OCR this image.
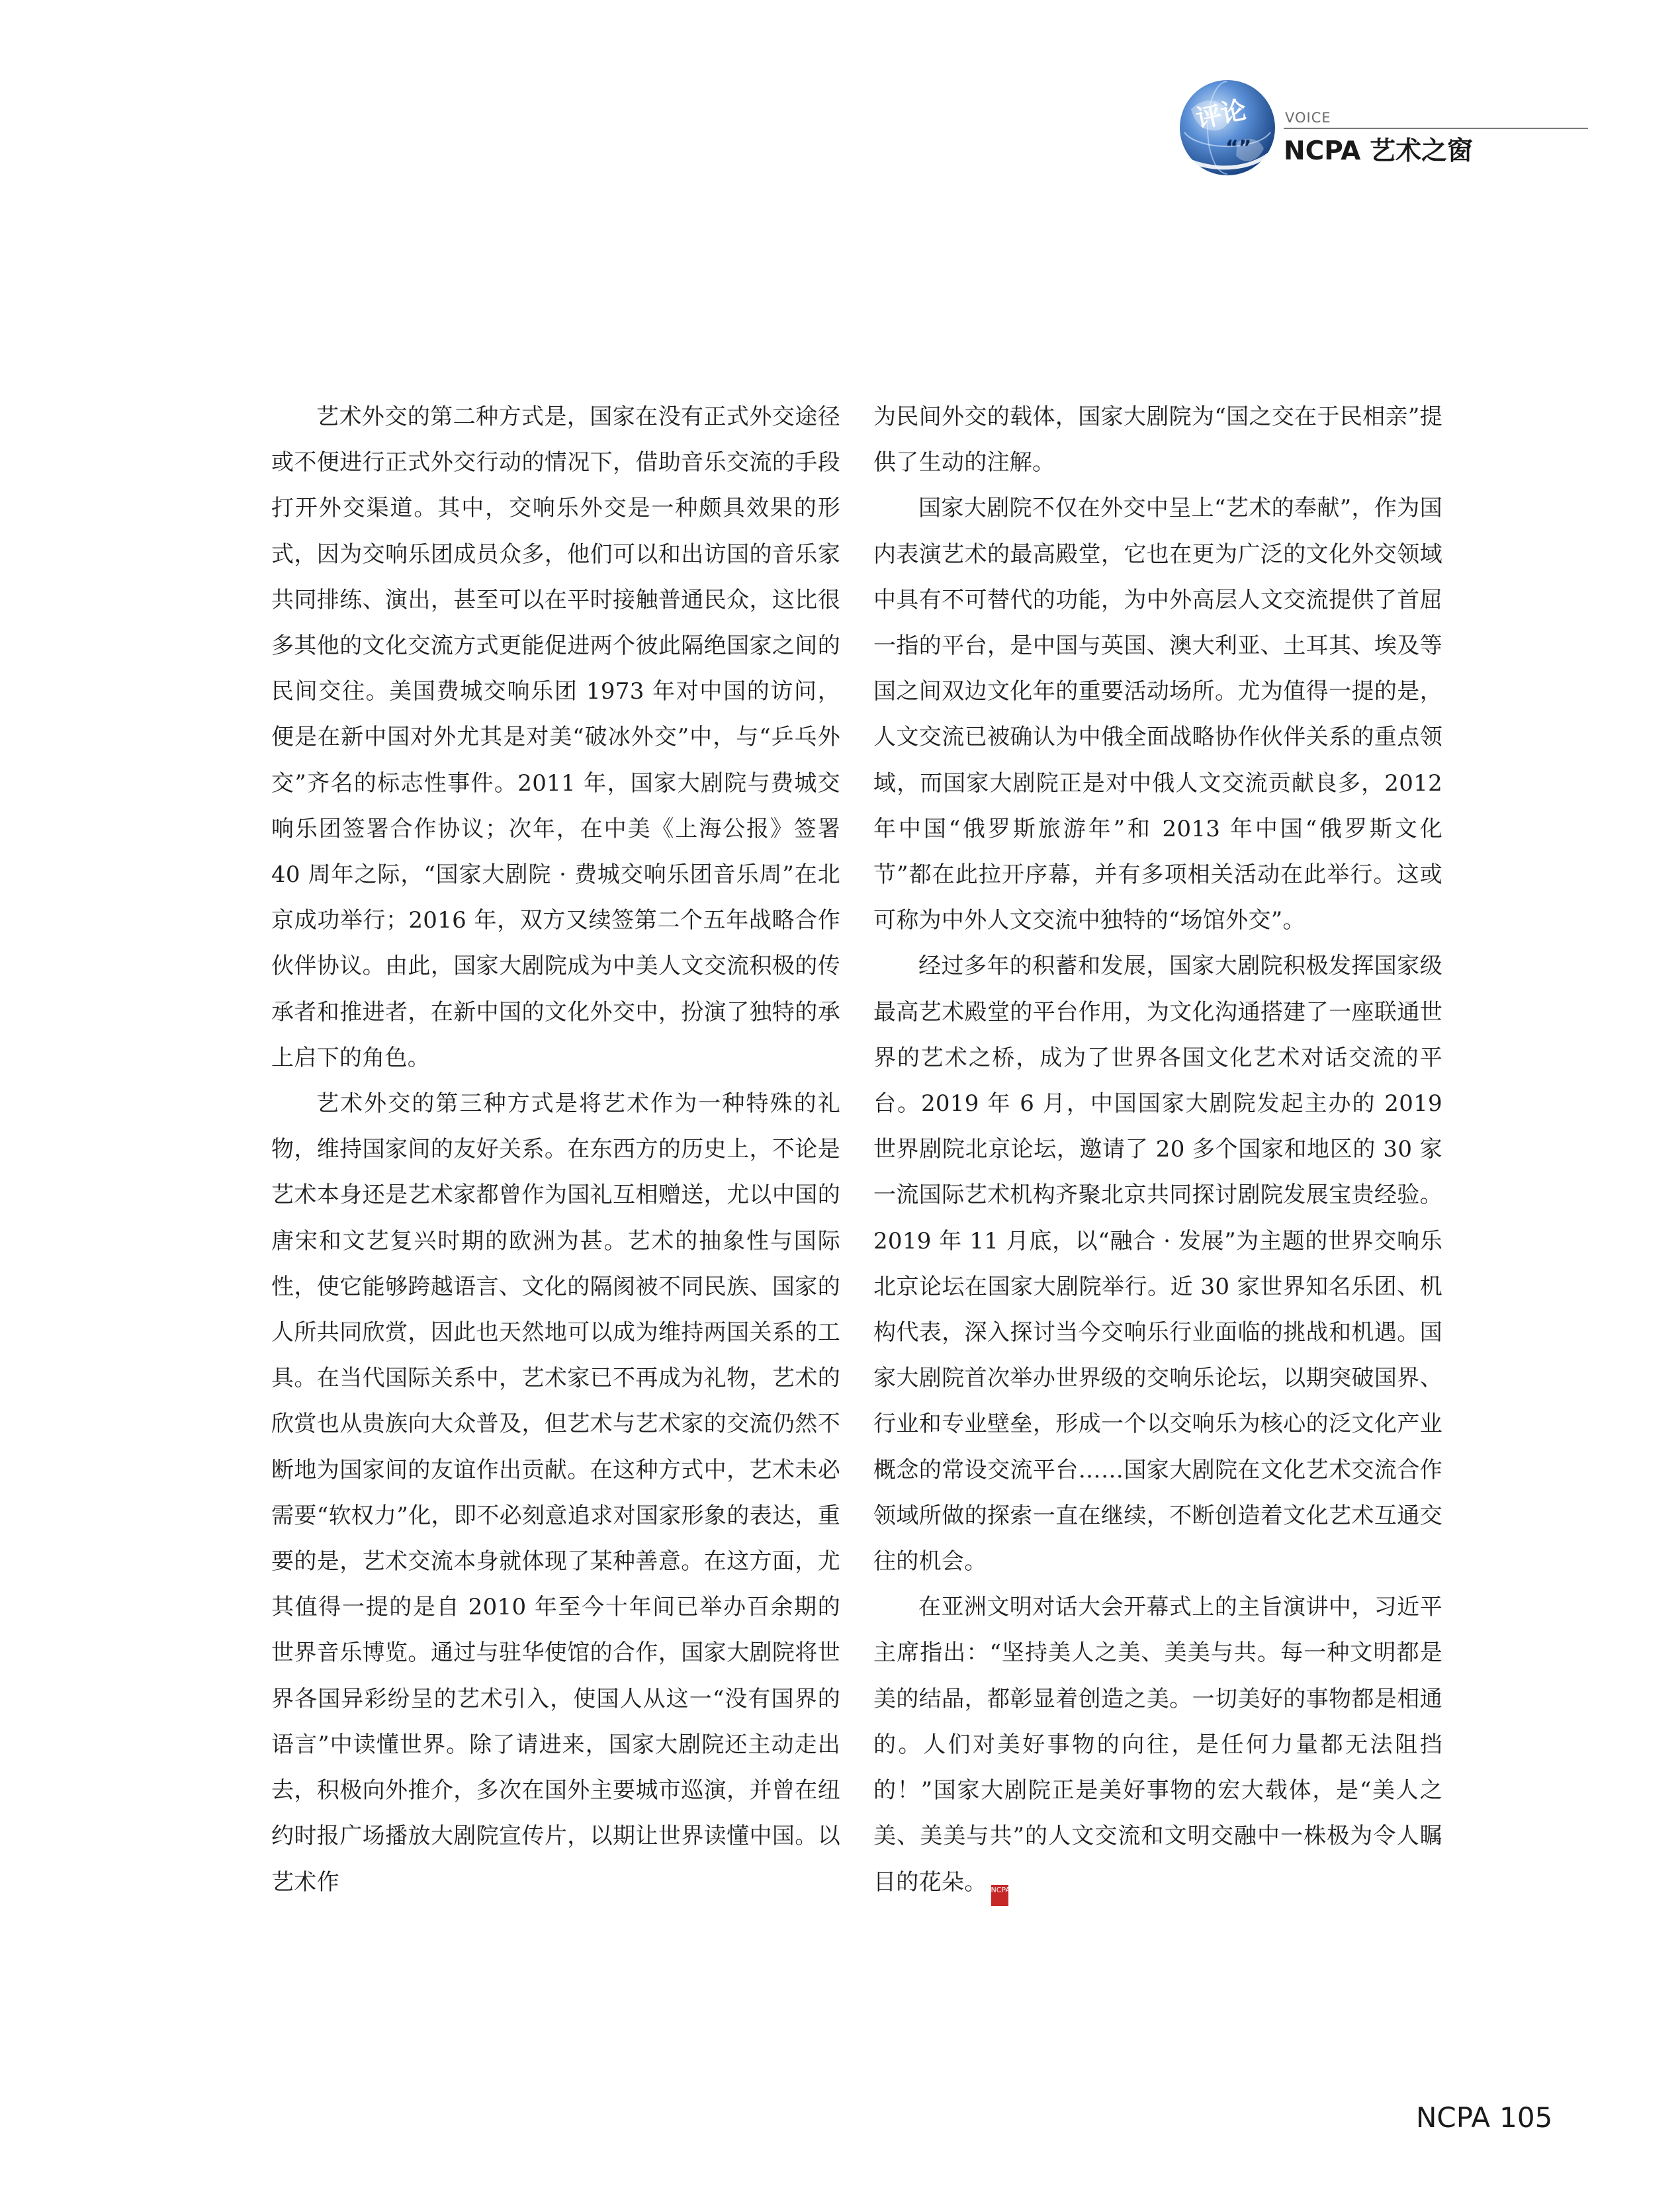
评论
“”
VOICE
NCPA 艺术之窗

艺术外交的第二种方式是，国家在没有正式外交途径或不便进行正式外交行动的情况下，借助音乐交流的手段打开外交渠道。其中，交响乐外交是一种颇具效果的形式，因为交响乐团成员众多，他们可以和出访国的音乐家共同排练、演出，甚至可以在平时接触普通民众，这比很多其他的文化交流方式更能促进两个彼此隔绝国家之间的民间交往。美国费城交响乐团 1973 年对中国的访问，便是在新中国对外尤其是对美“破冰外交”中，与“乒乓外交”齐名的标志性事件。2011 年，国家大剧院与费城交响乐团签署合作协议；次年，在中美《上海公报》签署 40 周年之际，“国家大剧院 · 费城交响乐团音乐周”在北京成功举行；2016 年，双方又续签第二个五年战略合作伙伴协议。由此，国家大剧院成为中美人文交流积极的传承者和推进者，在新中国的文化外交中，扮演了独特的承上启下的角色。

艺术外交的第三种方式是将艺术作为一种特殊的礼物，维持国家间的友好关系。在东西方的历史上，不论是艺术本身还是艺术家都曾作为国礼互相赠送，尤以中国的唐宋和文艺复兴时期的欧洲为甚。艺术的抽象性与国际性，使它能够跨越语言、文化的隔阂被不同民族、国家的人所共同欣赏，因此也天然地可以成为维持两国关系的工具。在当代国际关系中，艺术家已不再成为礼物，艺术的欣赏也从贵族向大众普及，但艺术与艺术家的交流仍然不断地为国家间的友谊作出贡献。在这种方式中，艺术未必需要“软权力”化，即不必刻意追求对国家形象的表达，重要的是，艺术交流本身就体现了某种善意。在这方面，尤其值得一提的是自 2010 年至今十年间已举办百余期的世界音乐博览。通过与驻华使馆的合作，国家大剧院将世界各国异彩纷呈的艺术引入，使国人从这一“没有国界的语言”中读懂世界。除了请进来，国家大剧院还主动走出去，积极向外推介，多次在国外主要城市巡演，并曾在纽约时报广场播放大剧院宣传片，以期让世界读懂中国。以艺术作

为民间外交的载体，国家大剧院为“国之交在于民相亲”提供了生动的注解。

国家大剧院不仅在外交中呈上“艺术的奉献”，作为国内表演艺术的最高殿堂，它也在更为广泛的文化外交领域中具有不可替代的功能，为中外高层人文交流提供了首屈一指的平台，是中国与英国、澳大利亚、土耳其、埃及等国之间双边文化年的重要活动场所。尤为值得一提的是，人文交流已被确认为中俄全面战略协作伙伴关系的重点领域，而国家大剧院正是对中俄人文交流贡献良多，2012 年中国“俄罗斯旅游年”和 2013 年中国“俄罗斯文化节”都在此拉开序幕，并有多项相关活动在此举行。这或可称为中外人文交流中独特的“场馆外交”。

经过多年的积蓄和发展，国家大剧院积极发挥国家级最高艺术殿堂的平台作用，为文化沟通搭建了一座联通世界的艺术之桥，成为了世界各国文化艺术对话交流的平台。2019 年 6 月，中国国家大剧院发起主办的 2019 世界剧院北京论坛，邀请了 20 多个国家和地区的 30 家一流国际艺术机构齐聚北京共同探讨剧院发展宝贵经验。2019 年 11 月底，以“融合 · 发展”为主题的世界交响乐北京论坛在国家大剧院举行。近 30 家世界知名乐团、机构代表，深入探讨当今交响乐行业面临的挑战和机遇。国家大剧院首次举办世界级的交响乐论坛，以期突破国界、行业和专业壁垒，形成一个以交响乐为核心的泛文化产业概念的常设交流平台……国家大剧院在文化艺术交流合作领域所做的探索一直在继续，不断创造着文化艺术互通交往的机会。

在亚洲文明对话大会开幕式上的主旨演讲中，习近平主席指出：“坚持美人之美、美美与共。每一种文明都是美的结晶，都彰显着创造之美。一切美好的事物都是相通的。人们对美好事物的向往，是任何力量都无法阻挡的！”国家大剧院正是美好事物的宏大载体，是“美人之美、美美与共”的人文交流和文明交融中一株极为令人瞩目的花朵。 NCPA

NCPA 105
